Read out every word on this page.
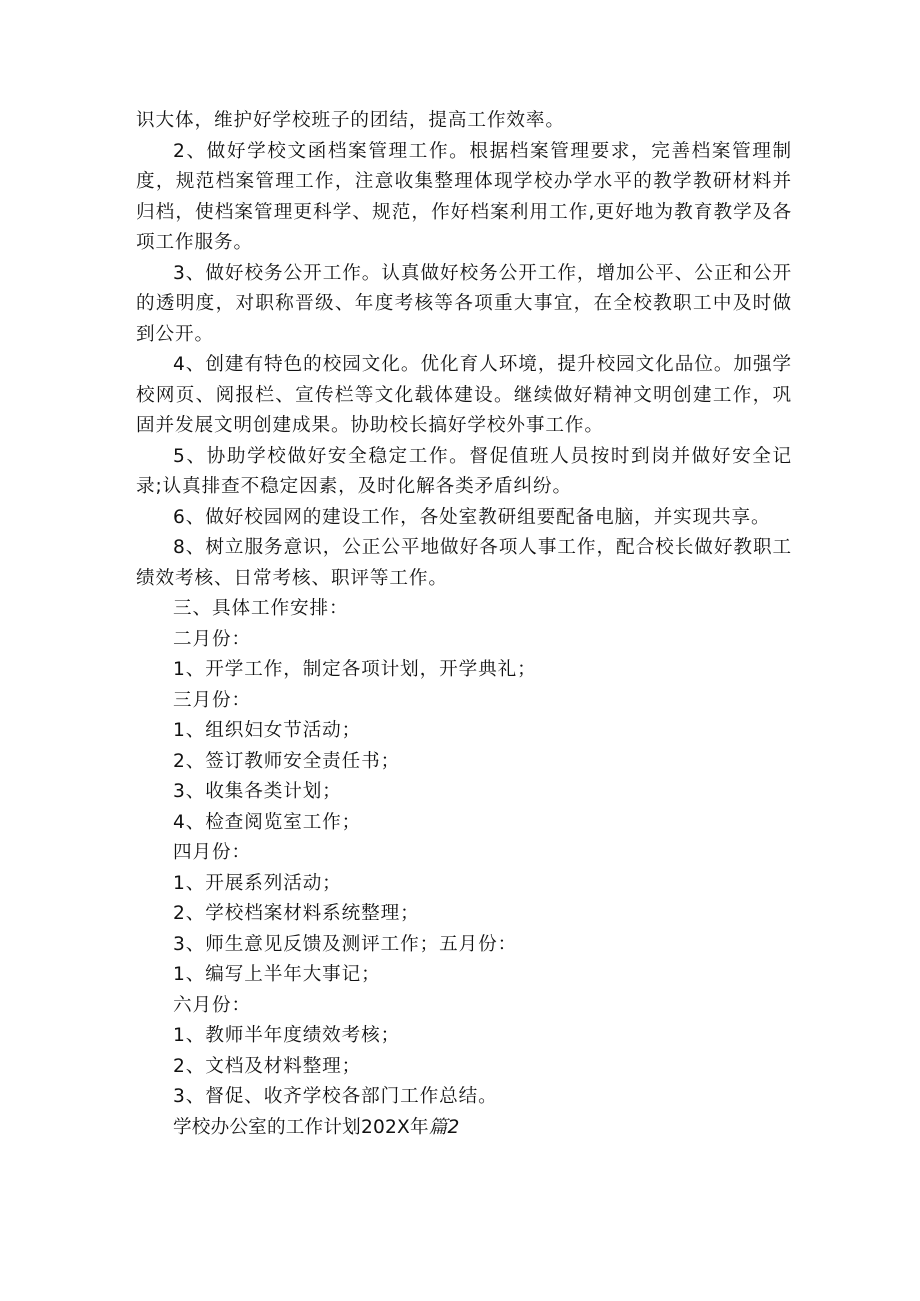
识大体，维护好学校班子的团结，提高工作效率。

2、做好学校文函档案管理工作。根据档案管理要求，完善档案管理制度，规范档案管理工作，注意收集整理体现学校办学水平的教学教研材料并归档，使档案管理更科学、规范，作好档案利用工作,更好地为教育教学及各项工作服务。

3、做好校务公开工作。认真做好校务公开工作，增加公平、公正和公开的透明度，对职称晋级、年度考核等各项重大事宜，在全校教职工中及时做到公开。

4、创建有特色的校园文化。优化育人环境，提升校园文化品位。加强学校网页、阅报栏、宣传栏等文化载体建设。继续做好精神文明创建工作，巩固并发展文明创建成果。协助校长搞好学校外事工作。

5、协助学校做好安全稳定工作。督促值班人员按时到岗并做好安全记录;认真排查不稳定因素，及时化解各类矛盾纠纷。

6、做好校园网的建设工作，各处室教研组要配备电脑，并实现共享。

8、树立服务意识，公正公平地做好各项人事工作，配合校长做好教职工绩效考核、日常考核、职评等工作。

三、具体工作安排：

二月份：

1、开学工作，制定各项计划，开学典礼；

三月份：

1、组织妇女节活动；

2、签订教师安全责任书；

3、收集各类计划；

4、检查阅览室工作；

四月份：

1、开展系列活动；

2、学校档案材料系统整理；

3、师生意见反馈及测评工作；五月份：

1、编写上半年大事记；

六月份：

1、教师半年度绩效考核；

2、文档及材料整理；

3、督促、收齐学校各部门工作总结。

学校办公室的工作计划202X年篇2
